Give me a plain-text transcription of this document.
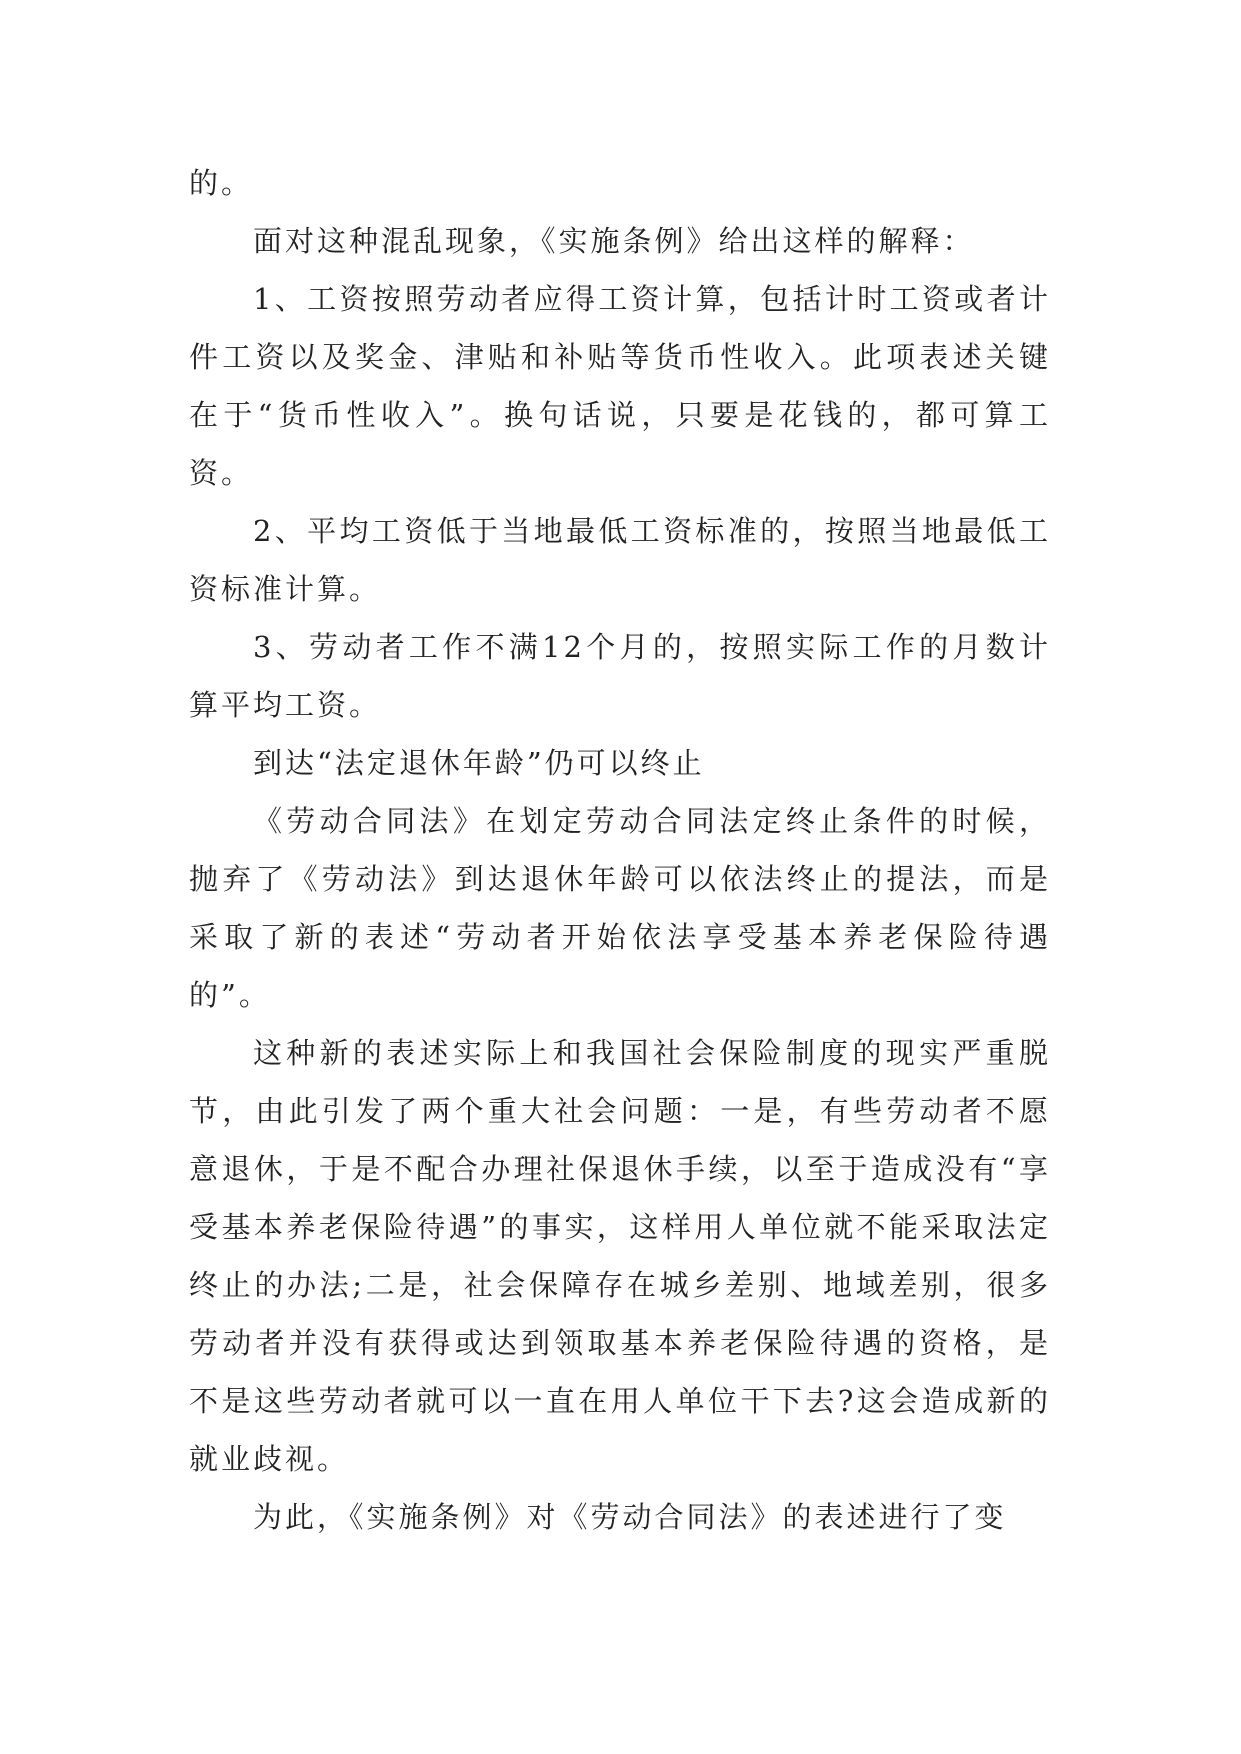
的。

面对这种混乱现象，《实施条例》给出这样的解释：

1、工资按照劳动者应得工资计算，包括计时工资或者计件工资以及奖金、津贴和补贴等货币性收入。此项表述关键在于“货币性收入”。换句话说，只要是花钱的，都可算工资。

2、平均工资低于当地最低工资标准的，按照当地最低工资标准计算。

3、劳动者工作不满12个月的，按照实际工作的月数计算平均工资。

到达“法定退休年龄”仍可以终止

《劳动合同法》在划定劳动合同法定终止条件的时候，抛弃了《劳动法》到达退休年龄可以依法终止的提法，而是采取了新的表述“劳动者开始依法享受基本养老保险待遇的”。

这种新的表述实际上和我国社会保险制度的现实严重脱节，由此引发了两个重大社会问题：一是，有些劳动者不愿意退休，于是不配合办理社保退休手续，以至于造成没有“享受基本养老保险待遇”的事实，这样用人单位就不能采取法定终止的办法;二是，社会保障存在城乡差别、地域差别，很多劳动者并没有获得或达到领取基本养老保险待遇的资格，是不是这些劳动者就可以一直在用人单位干下去?这会造成新的就业歧视。

为此，《实施条例》对《劳动合同法》的表述进行了变
